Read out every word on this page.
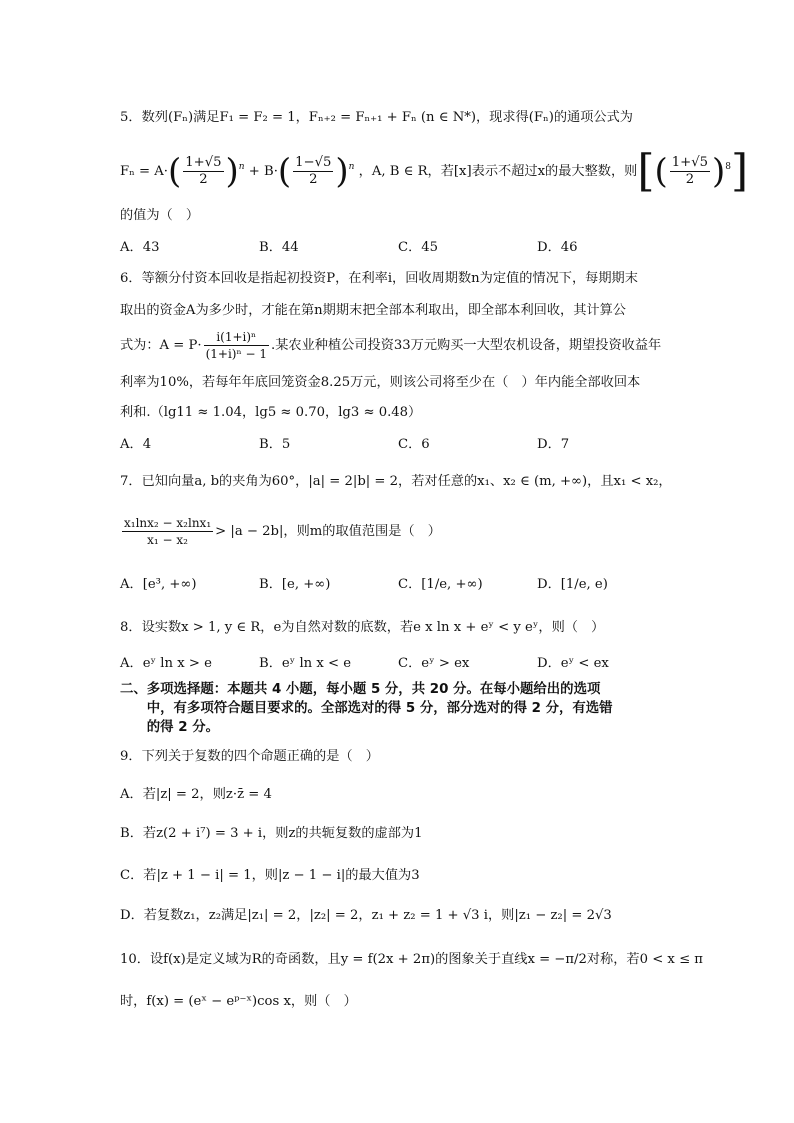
5．数列(Fₙ)满足F₁ = F₂ = 1，Fₙ₊₂ = Fₙ₊₁ + Fₙ (n ∈ N*)，现求得(Fₙ)的通项公式为
$F_n = A\cdot( \frac{1+√5}{2} )^n + B\cdot( \frac{1-√5}{2} )^n$ ，A, B ∈ R，若[x]表示不超过x的最大整数，则[( $\frac{1+√5}{2} )^8$]
的值为（　）
A．43	B．44	C．45	D．46
6．等额分付资本回收是指起初投资P，在利率i，回收周期数n为定值的情况下，每期期末
取出的资金A为多少时，才能在第n期期末把全部本利取出，即全部本利回收，其计算公
式为：$A = P\cdot \frac{\text{i(1+i)ⁿ}}{\text{(1+i)ⁿ − 1}}$ .某农业种植公司投资33万元购买一大型农机设备，期望投资收益年
利率为10%，若每年年底回笼资金8.25万元，则该公司将至少在（　）年内能全部收回本
利和.（lg11 ≈ 1.04，lg5 ≈ 0.70，lg3 ≈ 0.48）
A．4	B．5	C．6	D．7
7．已知向量a, b的夹角为60°，|a| = 2|b| = 2，若对任意的x₁、x₂ ∈ (m, +∞)，且x₁ < x₂，
$\frac{\text{x₁lnx₂ − x₂lnx₁}}{\text{x₁ − x₂}} > |a - 2b|$，则m的取值范围是（　）
A．[e³, +∞)	B．[e, +∞)	C．[1/e, +∞)	D．[1/e, e)
8．设实数x > 1, y ∈ R，e为自然对数的底数，若e x ln x + eʸ < y eʸ，则（　）
A．eʸ ln x > e	B．eʸ ln x < e	C．eʸ > ex	D．eʸ < ex
二、多项选择题：本题共 4 小题，每小题 5 分，共 20 分。在每小题给出的选项
　　中，有多项符合题目要求的。全部选对的得 5 分，部分选对的得 2 分，有选错
　　的得 2 分。
9．下列关于复数的四个命题正确的是（　）
A．若|z| = 2，则z·z̄ = 4
B．若z(2 + i⁷) = 3 + i，则z的共轭复数的虚部为1
C．若|z + 1 − i| = 1，则|z − 1 − i|的最大值为3
D．若复数z₁，z₂满足|z₁| = 2，|z₂| = 2，z₁ + z₂ = 1 + √3 i，则|z₁ − z₂| = 2√3
10．设f(x)是定义域为R的奇函数，且y = f(2x + 2π)的图象关于直线x = −π/2对称，若0 < x ≤ π
时，f(x) = (eˣ − eᵖ⁻ˣ)cos x，则（　）
